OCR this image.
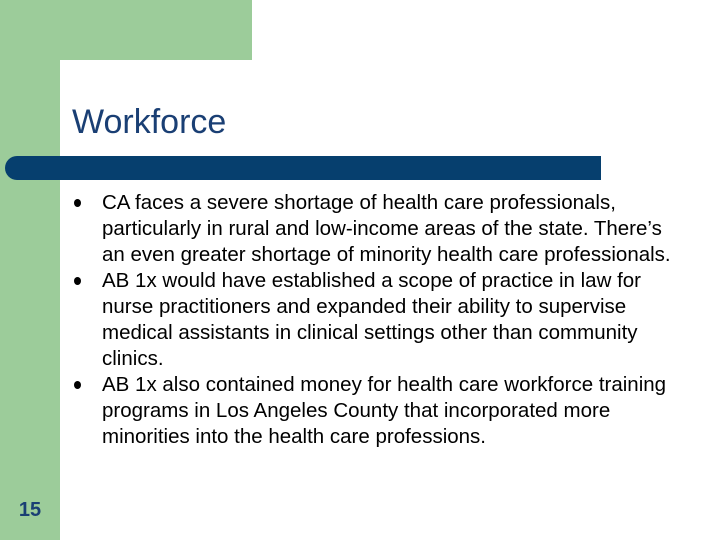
Workforce
CA faces a severe shortage of health care professionals, particularly in rural and low-income areas of the state. There’s an even greater shortage of minority health care professionals.
AB 1x would have established a scope of practice in law for nurse practitioners and expanded their ability to supervise medical assistants in clinical settings other than community clinics.
AB 1x also contained money for health care workforce training programs in Los Angeles County that incorporated more minorities into the health care professions.
15
